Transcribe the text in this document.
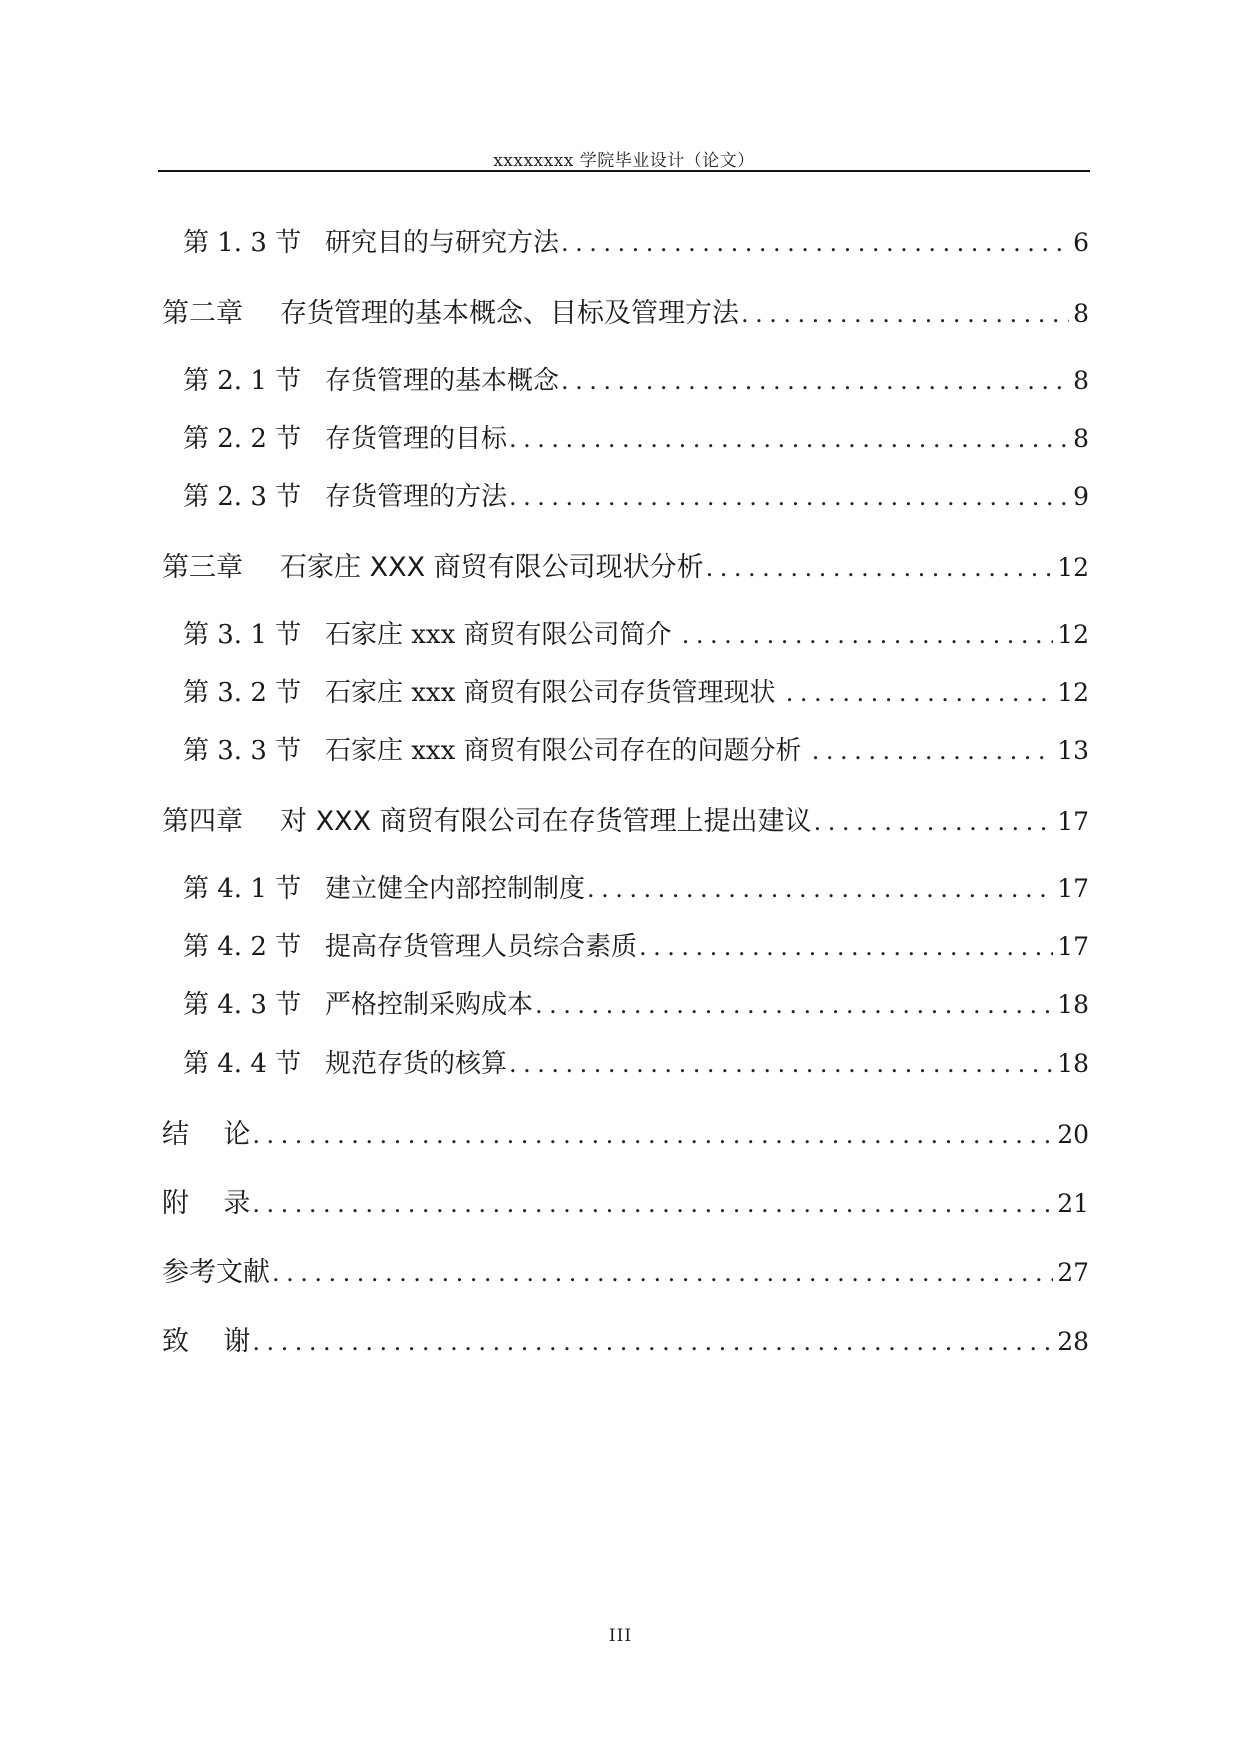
xxxxxxxx 学院毕业设计（论文）
第 1. 3 节 研究目的与研究方法 .....	6
第二章	存货管理的基本概念、目标及管理方法 .....	8
第 2. 1 节 存货管理的基本概念 .....	8
第 2. 2 节 存货管理的目标 .....	8
第 2. 3 节 存货管理的方法 .....	9
第三章	石家庄 XXX 商贸有限公司现状分析 .....	12
第 3. 1 节 石家庄 xxx 商贸有限公司简介 .....	12
第 3. 2 节 石家庄 xxx 商贸有限公司存货管理现状 .....	12
第 3. 3 节 石家庄 xxx 商贸有限公司存在的问题分析 .....	13
第四章	对 XXX 商贸有限公司在存货管理上提出建议 .....	17
第 4. 1 节 建立健全内部控制制度 .....	17
第 4. 2 节 提高存货管理人员综合素质 .....	17
第 4. 3 节 严格控制采购成本 .....	18
第 4. 4 节 规范存货的核算 .....	18
结    论 .....	20
附    录 .....	21
参考文献 .....	27
致    谢 .....	28
III
